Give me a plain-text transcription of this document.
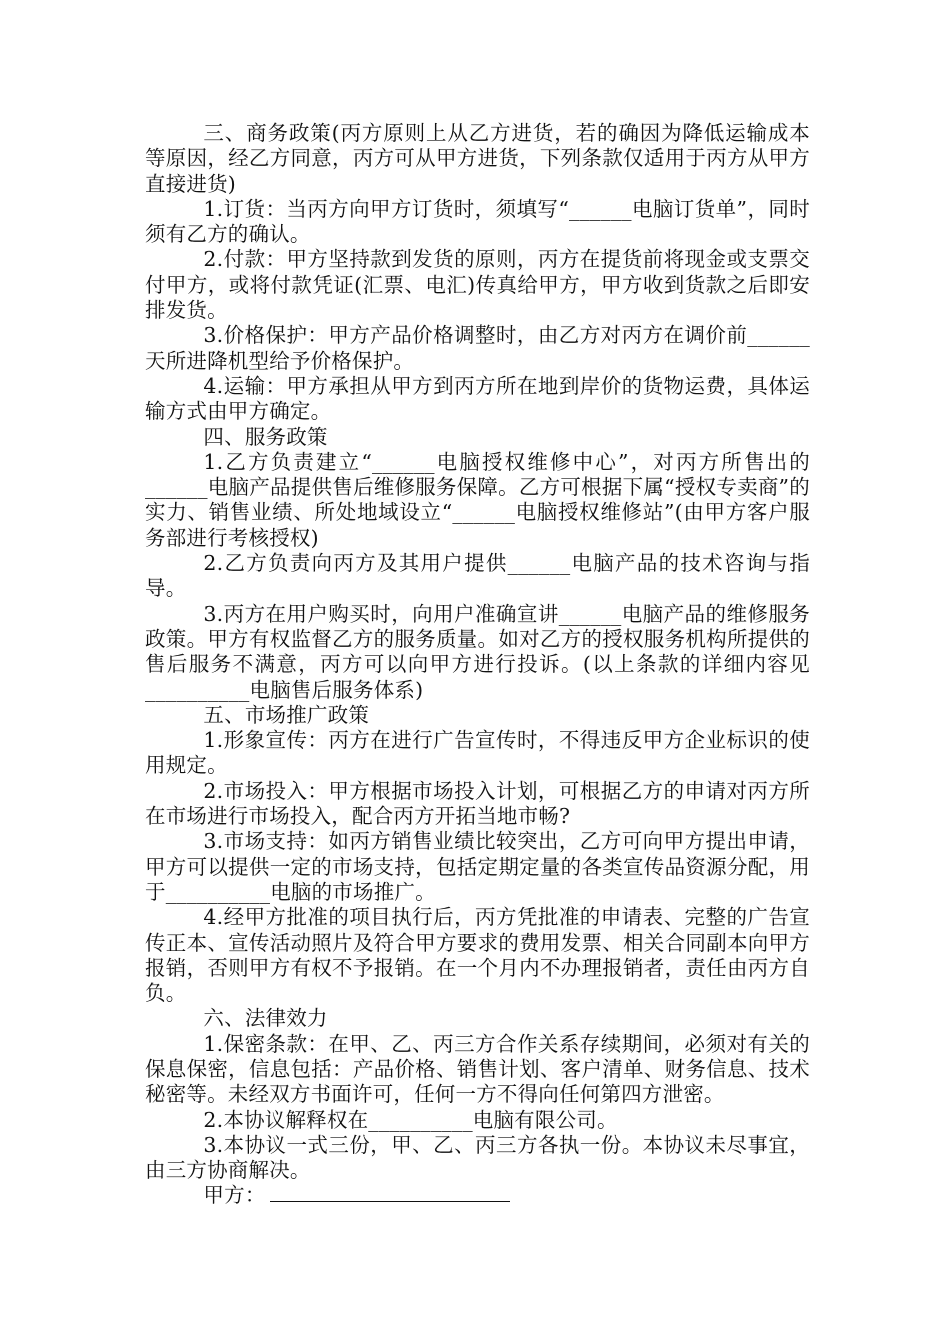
三、商务政策(丙方原则上从乙方进货，若的确因为降低运输成本等原因，经乙方同意，丙方可从甲方进货，下列条款仅适用于丙方从甲方直接进货)

1.订货：当丙方向甲方订货时，须填写“______电脑订货单”，同时须有乙方的确认。

2.付款：甲方坚持款到发货的原则，丙方在提货前将现金或支票交付甲方，或将付款凭证(汇票、电汇)传真给甲方，甲方收到货款之后即安排发货。

3.价格保护：甲方产品价格调整时，由乙方对丙方在调价前______天所进降机型给予价格保护。

4.运输：甲方承担从甲方到丙方所在地到岸价的货物运费，具体运输方式由甲方确定。

四、服务政策

1.乙方负责建立“______电脑授权维修中心”，对丙方所售出的______电脑产品提供售后维修服务保障。乙方可根据下属“授权专卖商”的实力、销售业绩、所处地域设立“______电脑授权维修站”(由甲方客户服务部进行考核授权)

2.乙方负责向丙方及其用户提供______电脑产品的技术咨询与指导。

3.丙方在用户购买时，向用户准确宣讲______电脑产品的维修服务政策。甲方有权监督乙方的服务质量。如对乙方的授权服务机构所提供的售后服务不满意，丙方可以向甲方进行投诉。(以上条款的详细内容见__________电脑售后服务体系)

五、市场推广政策

1.形象宣传：丙方在进行广告宣传时，不得违反甲方企业标识的使用规定。

2.市场投入：甲方根据市场投入计划，可根据乙方的申请对丙方所在市场进行市场投入，配合丙方开拓当地市畅?

3.市场支持：如丙方销售业绩比较突出，乙方可向甲方提出申请，甲方可以提供一定的市场支持，包括定期定量的各类宣传品资源分配，用于__________电脑的市场推广。

4.经甲方批准的项目执行后，丙方凭批准的申请表、完整的广告宣传正本、宣传活动照片及符合甲方要求的费用发票、相关合同副本向甲方报销，否则甲方有权不予报销。在一个月内不办理报销者，责任由丙方自负。

六、法律效力

1.保密条款：在甲、乙、丙三方合作关系存续期间，必须对有关的保息保密，信息包括：产品价格、销售计划、客户清单、财务信息、技术秘密等。未经双方书面许可，任何一方不得向任何第四方泄密。

2.本协议解释权在__________电脑有限公司。

3.本协议一式三份，甲、乙、丙三方各执一份。本协议未尽事宜，由三方协商解决。

甲方：
